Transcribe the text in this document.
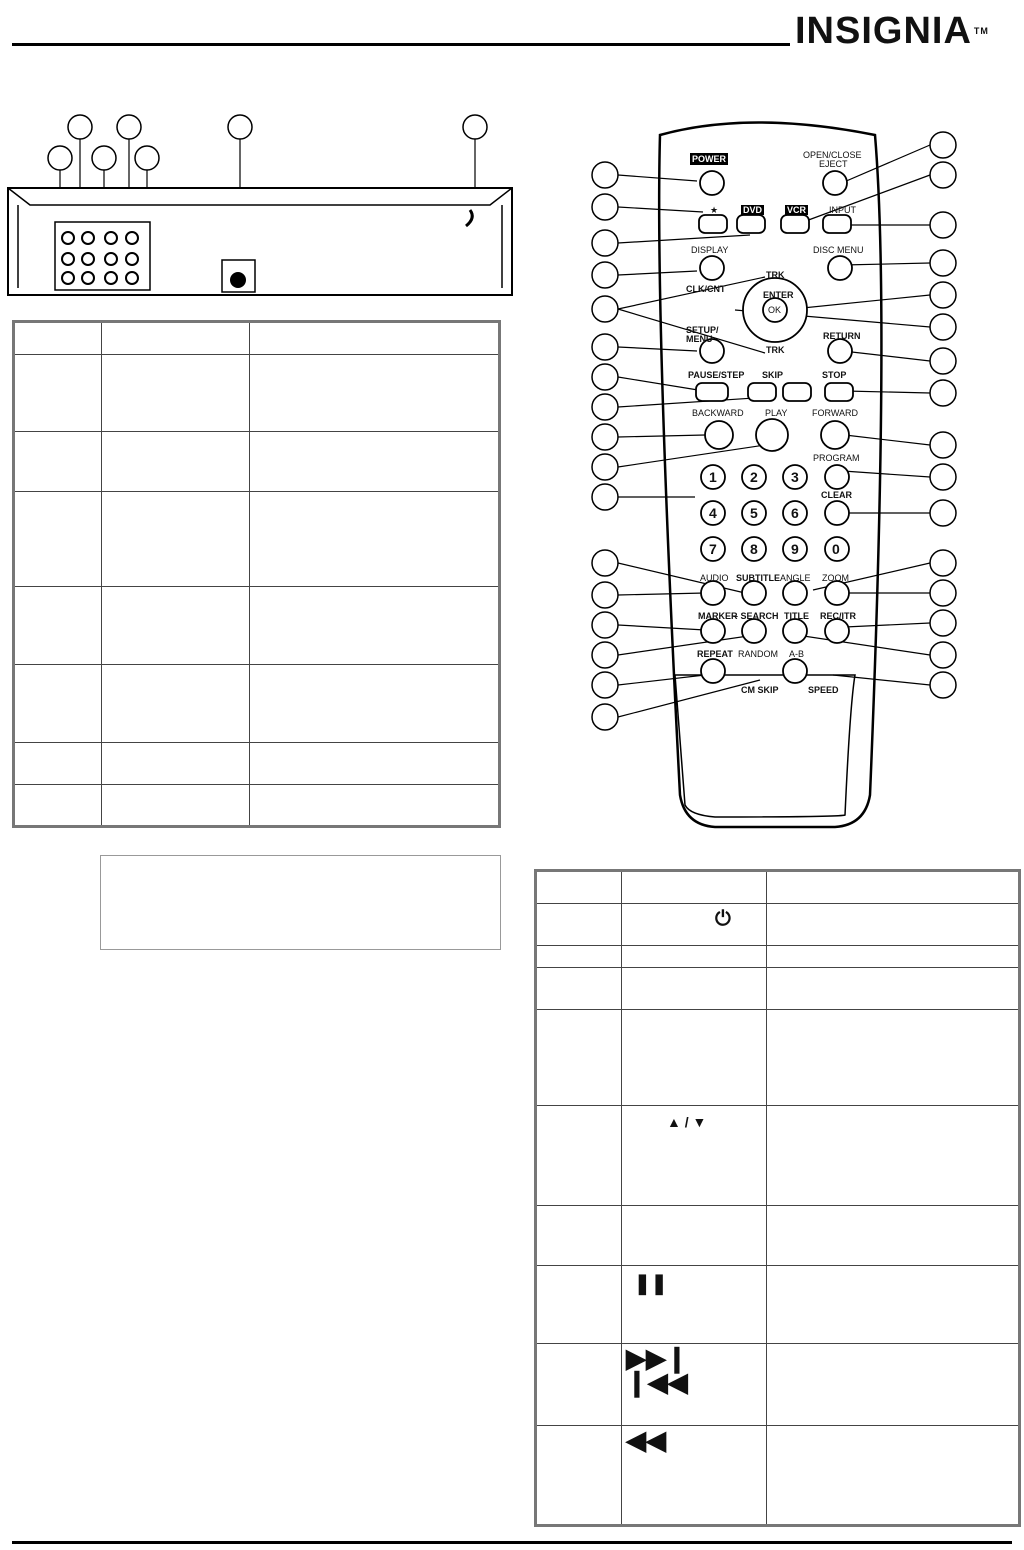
INSIGNIA ™

POWER	OPEN/CLOSE
EJECT
★	DVD	VCR	INPUT
DISPLAY	DISC MENU
CLK/CNT
TRK
ENTER
OK
RETURN
SETUP/
MENU
TRK
PAUSE/STEP SKIP	STOP
BACKWARD PLAY	FORWARD
PROGRAM
CLEAR
AUDIO SUBTITLE ANGLE ZOOM
MARKER
– SEARCH TITLE REC/ITR
REPEAT RANDOM A-B
CM SKIP	SPEED
1 2 3
4 5 6
7 8 9 0

	⏻	

	▲ / ▼	

	❚❚	

	▶▶❙
❙◀◀	

	◀◀	
